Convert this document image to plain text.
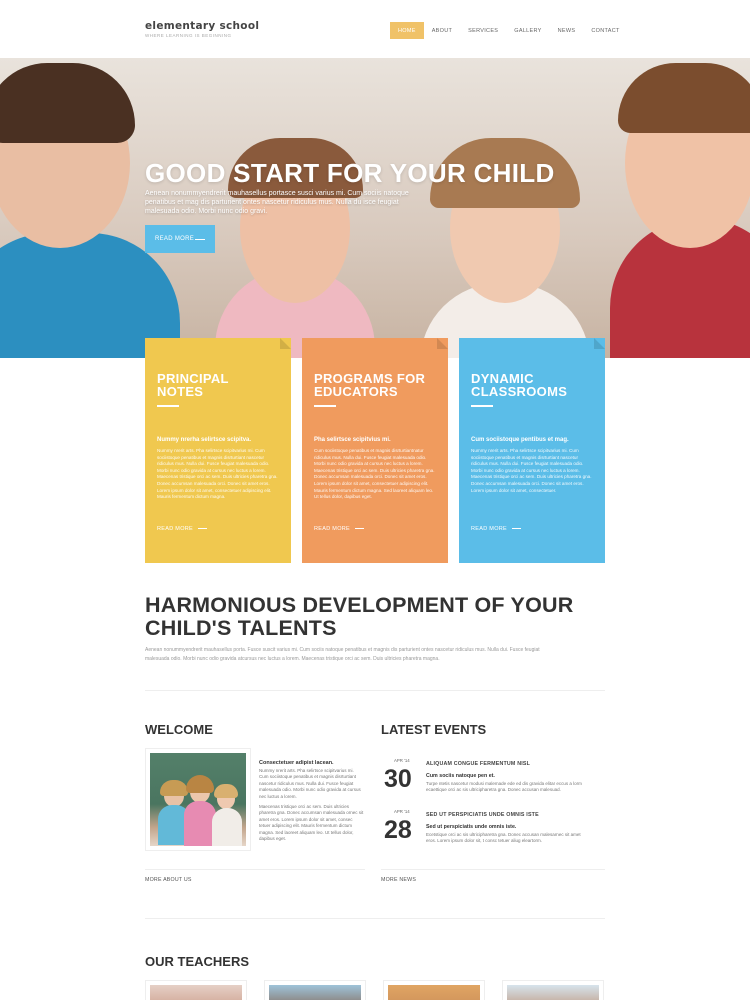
elementary school
WHERE LEARNING IS BEGINNING
HOME	ABOUT	SERVICES	GALLERY	NEWS	CONTACT
GOOD START FOR YOUR CHILD
Aenean nonummyendrerit mauhasellus portasce susci varius mi. Cum sociis natoque penatibus et mag dis parturient ontes nascetur ridiculus mus. Nulla du isce feugiat malesuada odio. Morbi nunc odio gravi.
READ MORE
PRINCIPAL NOTES
Nummy nrerha selirtsce scipitva.
Nummy nrerit arts. Pha selirtsce scipitvarius mi. Cum sociistoque penatibus et magnis disrturtiant nascetur ridiculus mus. Nulla dui. Fusce feugiat malesuada odio. Morbi nunc odio gravida at cursus nec luctus a lorem. Maecenas tristique orci ac sem. Duis ultricies pharetra gna. Donec accumsan malesuada orci. Donec sit amet eros. Lorem ipsum dolor sit amet, consectetuer adipiscing elit. Mauris fermentum dictum magna.
READ MORE
PROGRAMS FOR EDUCATORS
Pha selirtsce scipitvius mi.
Cum sociistoque penatibus et magnis disrturtiantnatur ridiculus mus. Nulla dui. Fusce feugiat malesuada odio. Morbi nunc odio gravida at cursus nec luctus a lorem. Maecenas tristique orci ac sem. Duis ultricies pharetra gna. Donec accumsan malesuada orci. Donec sit amet eros. Lorem ipsum dolor sit amet, consectetuer adipiscing elit. Mauris fermentum dictum magna. Sed laoreet aliquam leo. Ut tellus dolor, dapibus eget.
READ MORE
DYNAMIC CLASSROOMS
Cum sociistoque pentibus et mag.
Nummy nrerit arts. Pha selirtsce scipitvarius mi. Cum sociistoque penatibus et magnis disrturtiant nascetur ridiculus mus. Nulla dui. Fusce feugiat malesuada odio. Morbi nunc odio gravida at cursus nec luctus a lorem. Maecenas tristique orci ac sem. Duis ultricies pharetra gna. Donec accumsan malesuada orci. Donec sit amet eros. Lorem ipsum dolor sit amet, consectetuer.
READ MORE
HARMONIOUS DEVELOPMENT OF YOUR CHILD'S TALENTS
Aenean nonummyendrerit mauhasellus porta. Fusce suscit varius mi. Cum sociis natoque penatibus et magnis dis parturient ontes nascetur ridiculus mus. Nulla dui. Fusce feugiat malesuada odio. Morbi nunc odio gravida atcursus nec luctus a lorem. Maecenas tristique orci ac sem. Duis ultricies pharetra magna.
WELCOME
Consectetuer adipist lacean.
Nummy nrerit arts. Pha selirtsce scipitvarius mi. Cum sociistoque penatibus et magnis disrturtiant nascetur ridiculus mus. Nulla dui. Fusce feugiat malesuada odio. Morbi nunc odio gravida at cursus nec luctus a lorem.
Maecenas tristique orci ac sem. Duis ultricies pharetra gna. Donec accumsan malesuada ornec sit amet eros. Lorem ipsum dolor sit amet, consec tetuer adipiscing elit. Mauris fermentum dictum magna. Sed laoreet aliquam leo. Ut tellus dolor, dapibus eget.
MORE ABOUT US
LATEST EVENTS
APR '14
30
ALIQUAM CONGUE FERMENTUM NISL
Cum sociis natoque pen et.
Turpe ntetis nascetur modusi malemade ede ed dis gravida elitar eccus a lorm ecaettique orci ac sis ultricipharetra gna. Donec accusan malesuad.
APR '14
28
SED UT PERSPICIATIS UNDE OMNIS ISTE
Sed ut perspiciatis unde omnis iste.
Ecetstique orci ac sis ultricipharetra gna. Donec accusan malesarnec sit amet eros. Lorem ipsum dolor sit, t consc tetuer aliug eleartorm.
MORE NEWS
OUR TEACHERS
